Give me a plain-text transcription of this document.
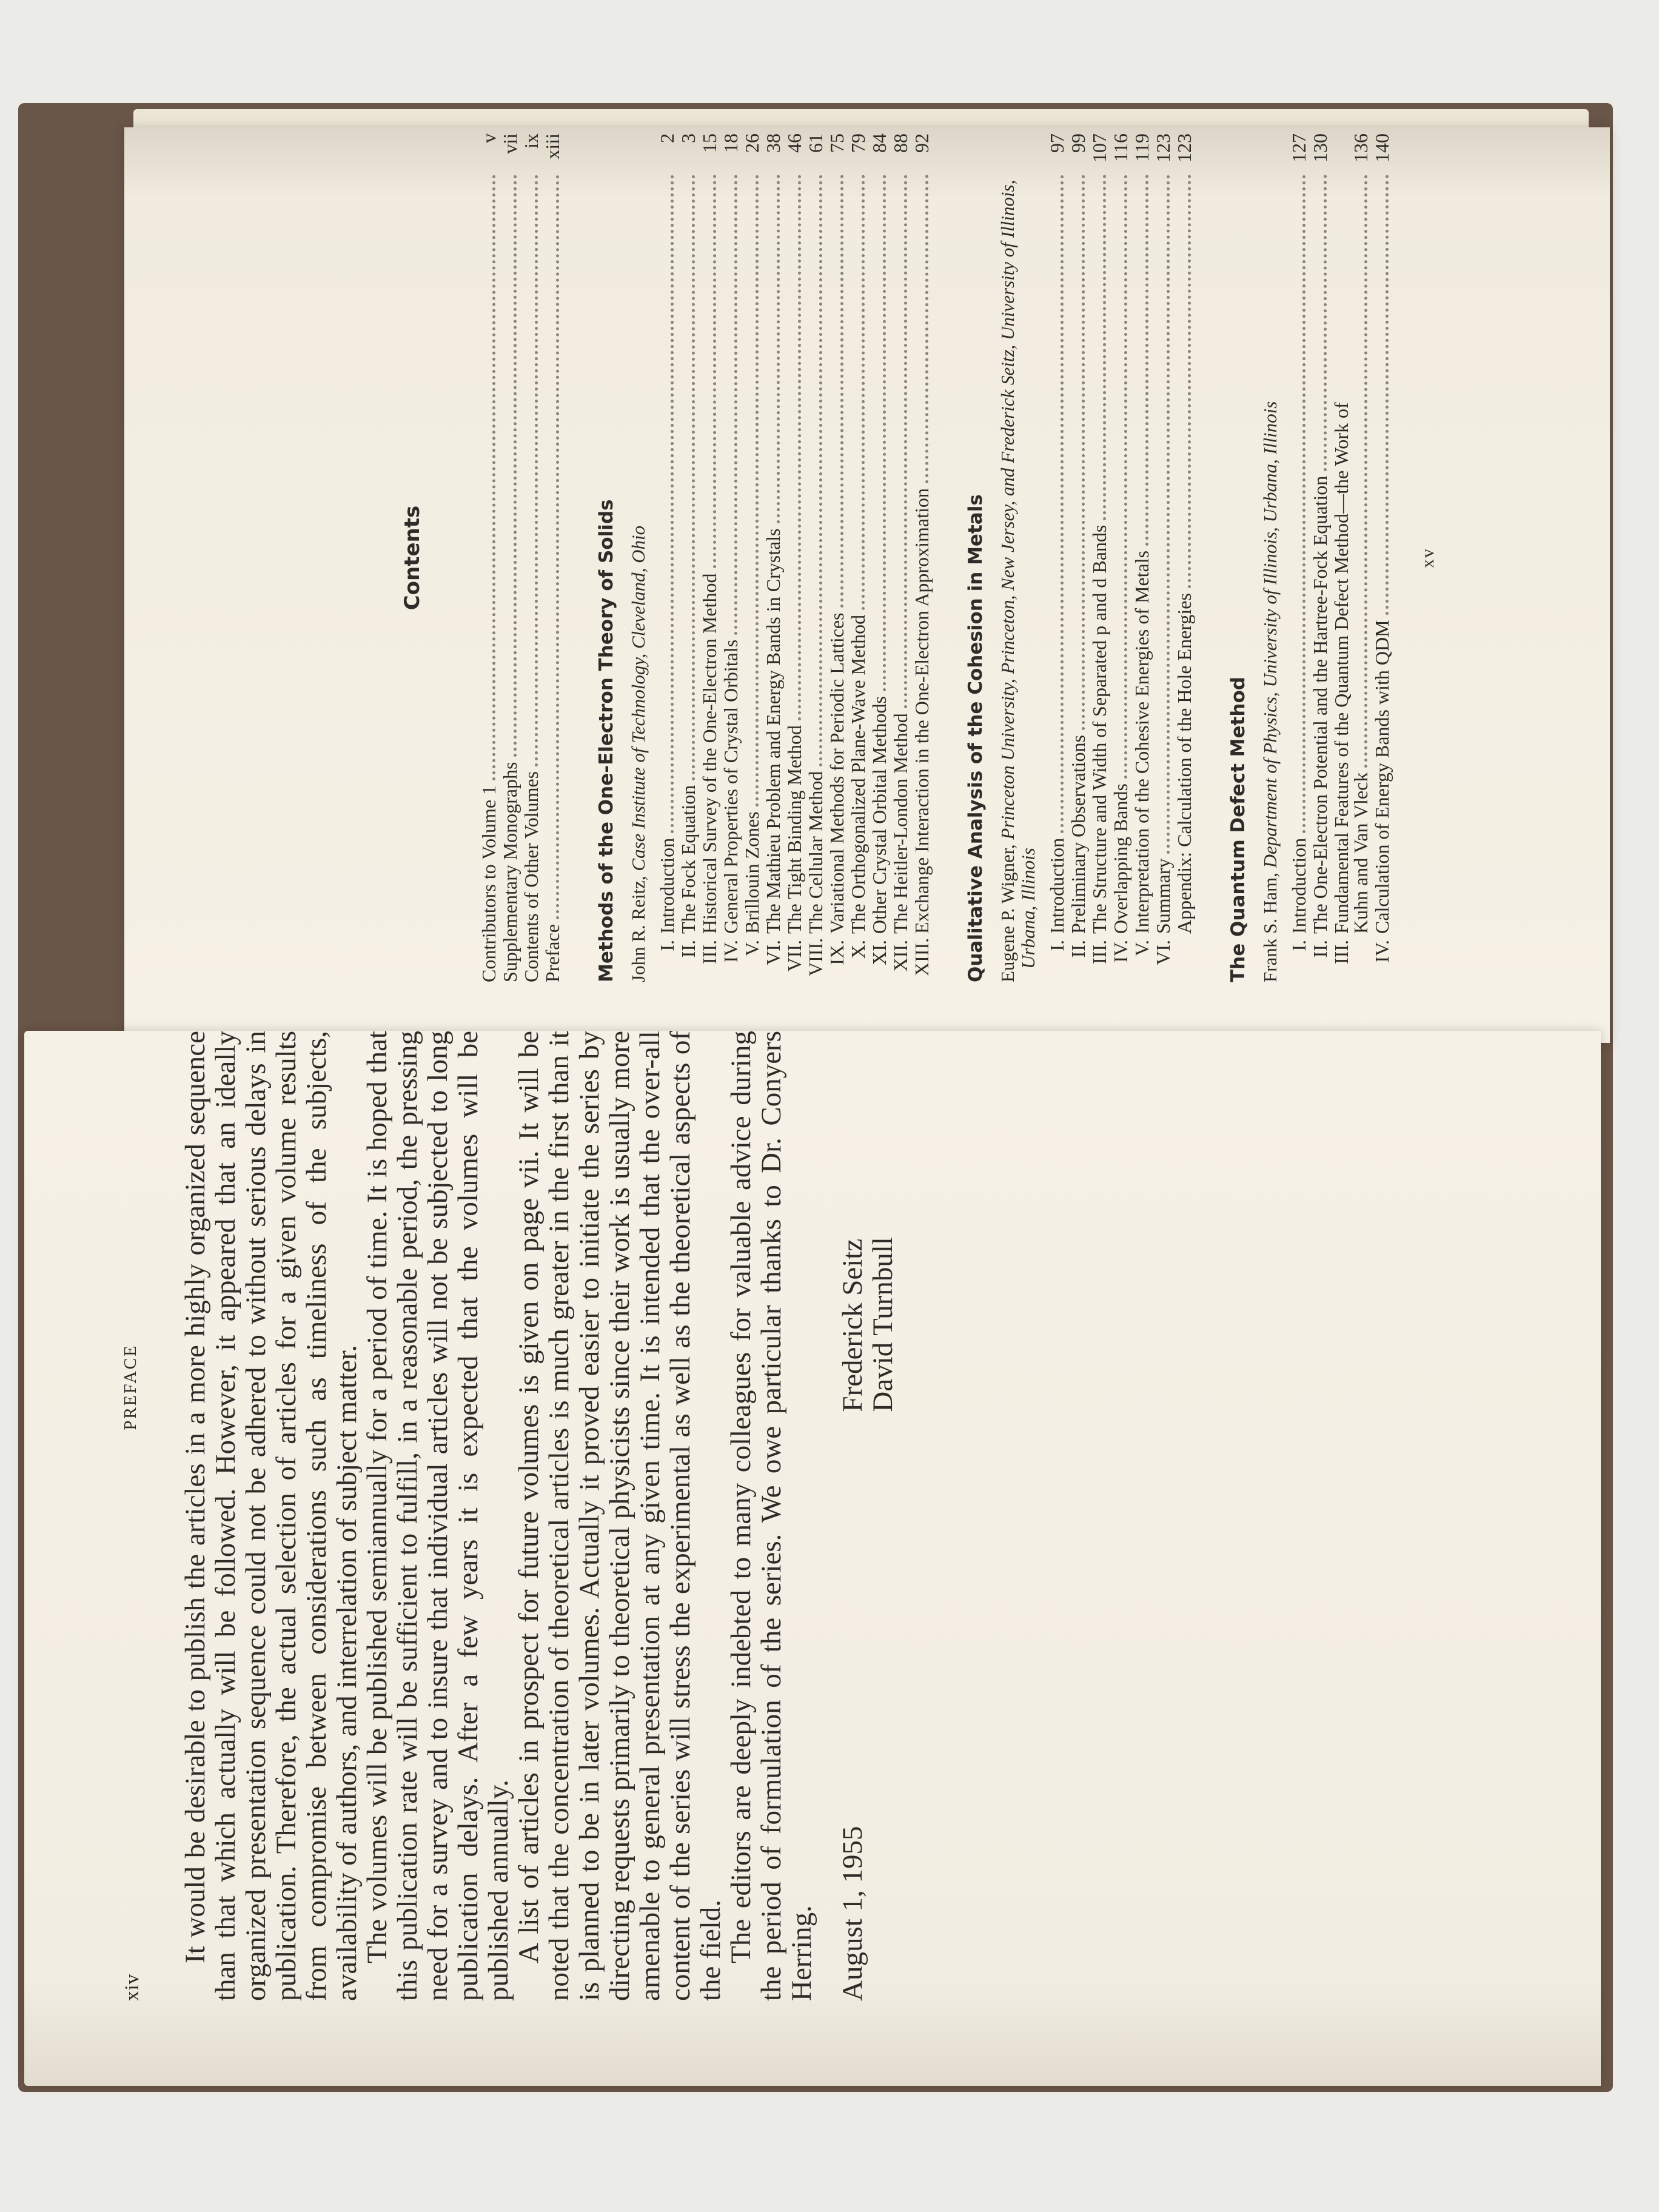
xiv
PREFACE It would be desirable to publish the articles in a more highly organized sequence than that which actually will be followed. However, it appeared that an ideally organized presentation sequence could not be adhered to without serious delays in publication. Therefore, the actual selection of articles for a given volume results from compromise between considerations such as timeliness of the subjects, availability of authors, and interrelation of subject matter.

The volumes will be published semiannually for a period of time. It is hoped that this publication rate will be sufficient to fulfill, in a reasonable period, the pressing need for a survey and to insure that individual articles will not be subjected to long publication delays. After a few years it is expected that the volumes will be published annually.

A list of articles in prospect for future volumes is given on page vii. It will be noted that the concentration of theoretical articles is much greater in the first than it is planned to be in later volumes. Actually it proved easier to initiate the series by directing requests primarily to theoretical physicists since their work is usually more amenable to general presentation at any given time. It is intended that the over-all content of the series will stress the experimental as well as the theoretical aspects of the field.

The editors are deeply indebted to many colleagues for valuable advice during the period of formulation of the series. We owe particular thanks to Dr. Conyers Herring. August 1, 1955
Frederick Seitz
David Turnbull
Contents
Contributors to Volume 1
v
Supplementary Monographs
vii
Contents of Other Volumes
ix
Preface
xiii
Methods of the One-Electron Theory of Solids John R. Reitz, Case Institute of Technology, Cleveland, Ohio
I.
Introduction
2
II.
The Fock Equation
3
III.
Historical Survey of the One-Electron Method
15
IV.
General Properties of Crystal Orbitals
18
V.
Brillouin Zones
26
VI.
The Mathieu Problem and Energy Bands in Crystals
38
VII.
The Tight Binding Method
46
VIII.
The Cellular Method
61
IX.
Variational Methods for Periodic Lattices
75
X.
The Orthogonalized Plane-Wave Method
79
XI.
Other Crystal Orbital Methods
84
XII.
The Heitler-London Method
88
XIII.
Exchange Interaction in the One-Electron Approximation
92
Qualitative Analysis of the Cohesion in Metals Eugene P. Wigner, Princeton University, Princeton, New Jersey, and Frederick Seitz, University of Illinois, Urbana, Illinois I.
Introduction
97
II.
Preliminary Observations
99
III.
The Structure and Width of Separated p and d Bands
107
IV.
Overlapping Bands
116
V.
Interpretation of the Cohesive Energies of Metals
119
VI.
Summary
123
Appendix: Calculation of the Hole Energies
123
The Quantum Defect Method Frank S. Ham, Department of Physics, University of Illinois, Urbana, Illinois
I.
Introduction
127
II.
The One-Electron Potential and the Hartree-Fock Equation
130
III.
Fundamental Features of the Quantum Defect Method—the Work of
Kuhn and Van Vleck
136
IV.
Calculation of Energy Bands with QDM
140
xv
